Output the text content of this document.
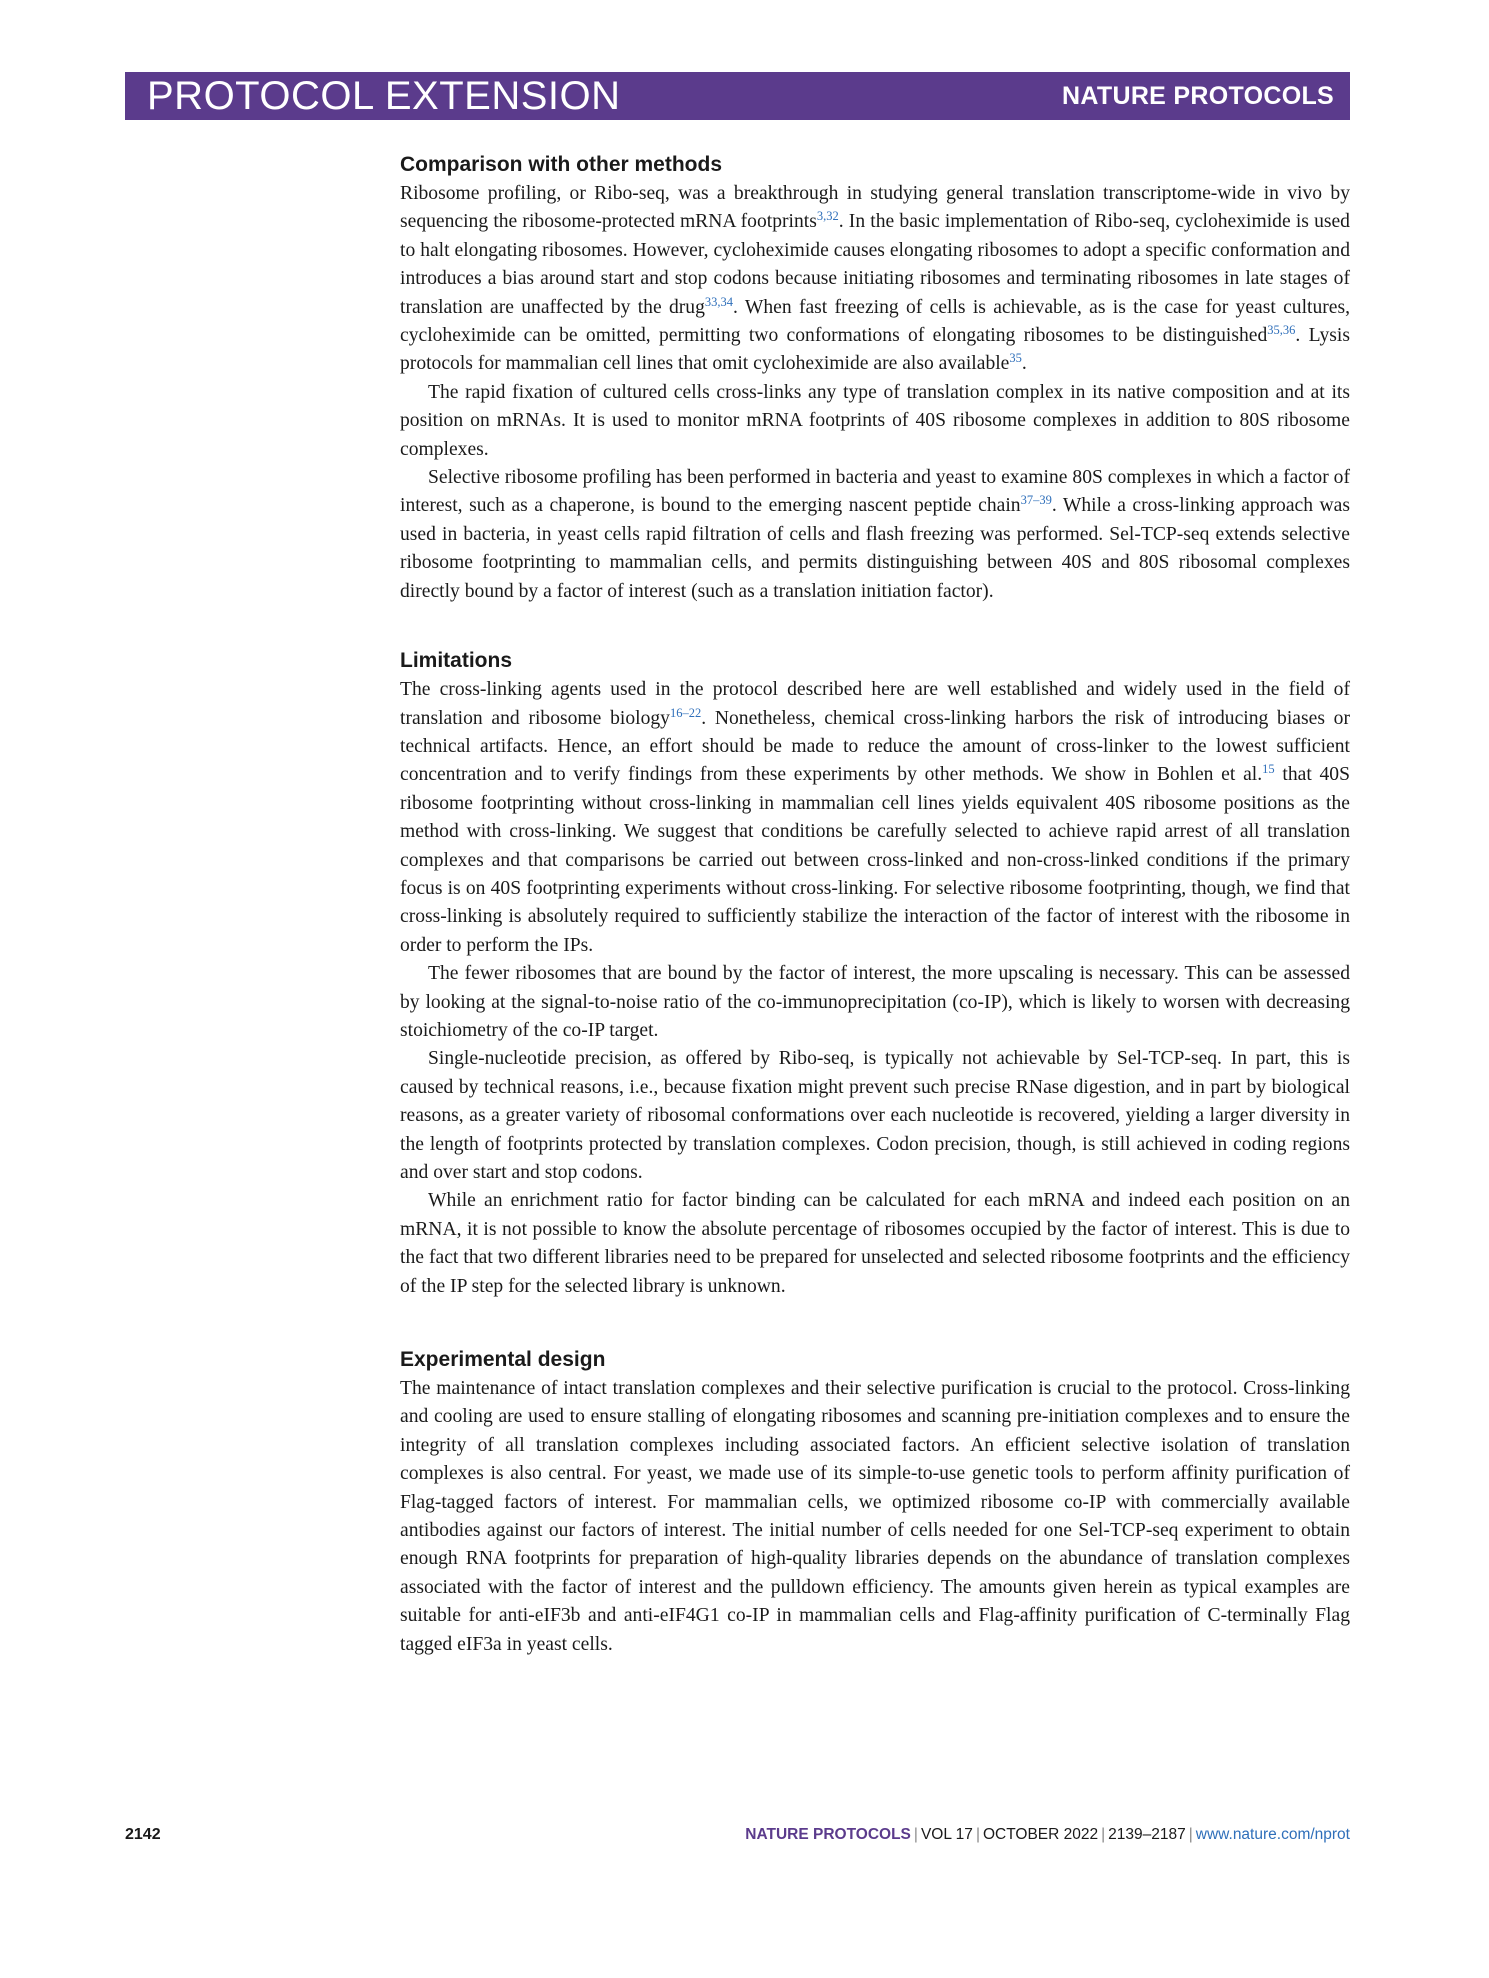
PROTOCOL EXTENSION	NATURE PROTOCOLS
Comparison with other methods

Ribosome profiling, or Ribo-seq, was a breakthrough in studying general translation transcriptome-wide in vivo by sequencing the ribosome-protected mRNA footprints$^{3,32}$. In the basic implementation of Ribo-seq, cycloheximide is used to halt elongating ribosomes. However, cycloheximide causes elongating ribosomes to adopt a specific conformation and introduces a bias around start and stop codons because initiating ribosomes and terminating ribosomes in late stages of translation are unaffected by the drug$^{33,34}$. When fast freezing of cells is achievable, as is the case for yeast cultures, cycloheximide can be omitted, permitting two conformations of elongating ribosomes to be distinguished$^{35,36}$. Lysis protocols for mammalian cell lines that omit cycloheximide are also available$^{35}$.

The rapid fixation of cultured cells cross-links any type of translation complex in its native composition and at its position on mRNAs. It is used to monitor mRNA footprints of 40S ribosome complexes in addition to 80S ribosome complexes.

Selective ribosome profiling has been performed in bacteria and yeast to examine 80S complexes in which a factor of interest, such as a chaperone, is bound to the emerging nascent peptide chain$^{37-39}$. While a cross-linking approach was used in bacteria, in yeast cells rapid filtration of cells and flash freezing was performed. Sel-TCP-seq extends selective ribosome footprinting to mammalian cells, and permits distinguishing between 40S and 80S ribosomal complexes directly bound by a factor of interest (such as a translation initiation factor).

Limitations

The cross-linking agents used in the protocol described here are well established and widely used in the field of translation and ribosome biology$^{16-22}$. Nonetheless, chemical cross-linking harbors the risk of introducing biases or technical artifacts. Hence, an effort should be made to reduce the amount of cross-linker to the lowest sufficient concentration and to verify findings from these experiments by other methods. We show in Bohlen et al.$^{15}$ that 40S ribosome footprinting without cross-linking in mammalian cell lines yields equivalent 40S ribosome positions as the method with cross-linking. We suggest that conditions be carefully selected to achieve rapid arrest of all translation complexes and that comparisons be carried out between cross-linked and non-cross-linked conditions if the primary focus is on 40S footprinting experiments without cross-linking. For selective ribosome footprinting, though, we find that cross-linking is absolutely required to sufficiently stabilize the interaction of the factor of interest with the ribosome in order to perform the IPs.

The fewer ribosomes that are bound by the factor of interest, the more upscaling is necessary. This can be assessed by looking at the signal-to-noise ratio of the co-immunoprecipitation (co-IP), which is likely to worsen with decreasing stoichiometry of the co-IP target.

Single-nucleotide precision, as offered by Ribo-seq, is typically not achievable by Sel-TCP-seq. In part, this is caused by technical reasons, i.e., because fixation might prevent such precise RNase digestion, and in part by biological reasons, as a greater variety of ribosomal conformations over each nucleotide is recovered, yielding a larger diversity in the length of footprints protected by translation complexes. Codon precision, though, is still achieved in coding regions and over start and stop codons.

While an enrichment ratio for factor binding can be calculated for each mRNA and indeed each position on an mRNA, it is not possible to know the absolute percentage of ribosomes occupied by the factor of interest. This is due to the fact that two different libraries need to be prepared for unselected and selected ribosome footprints and the efficiency of the IP step for the selected library is unknown.

Experimental design

The maintenance of intact translation complexes and their selective purification is crucial to the protocol. Cross-linking and cooling are used to ensure stalling of elongating ribosomes and scanning pre-initiation complexes and to ensure the integrity of all translation complexes including associated factors. An efficient selective isolation of translation complexes is also central. For yeast, we made use of its simple-to-use genetic tools to perform affinity purification of Flag-tagged factors of interest. For mammalian cells, we optimized ribosome co-IP with commercially available antibodies against our factors of interest. The initial number of cells needed for one Sel-TCP-seq experiment to obtain enough RNA footprints for preparation of high-quality libraries depends on the abundance of translation complexes associated with the factor of interest and the pulldown efficiency. The amounts given herein as typical examples are suitable for anti-eIF3b and anti-eIF4G1 co-IP in mammalian cells and Flag-affinity purification of C-terminally Flag tagged eIF3a in yeast cells.

2142	NATURE PROTOCOLS | VOL 17 | OCTOBER 2022 | 2139–2187 | www.nature.com/nprot
